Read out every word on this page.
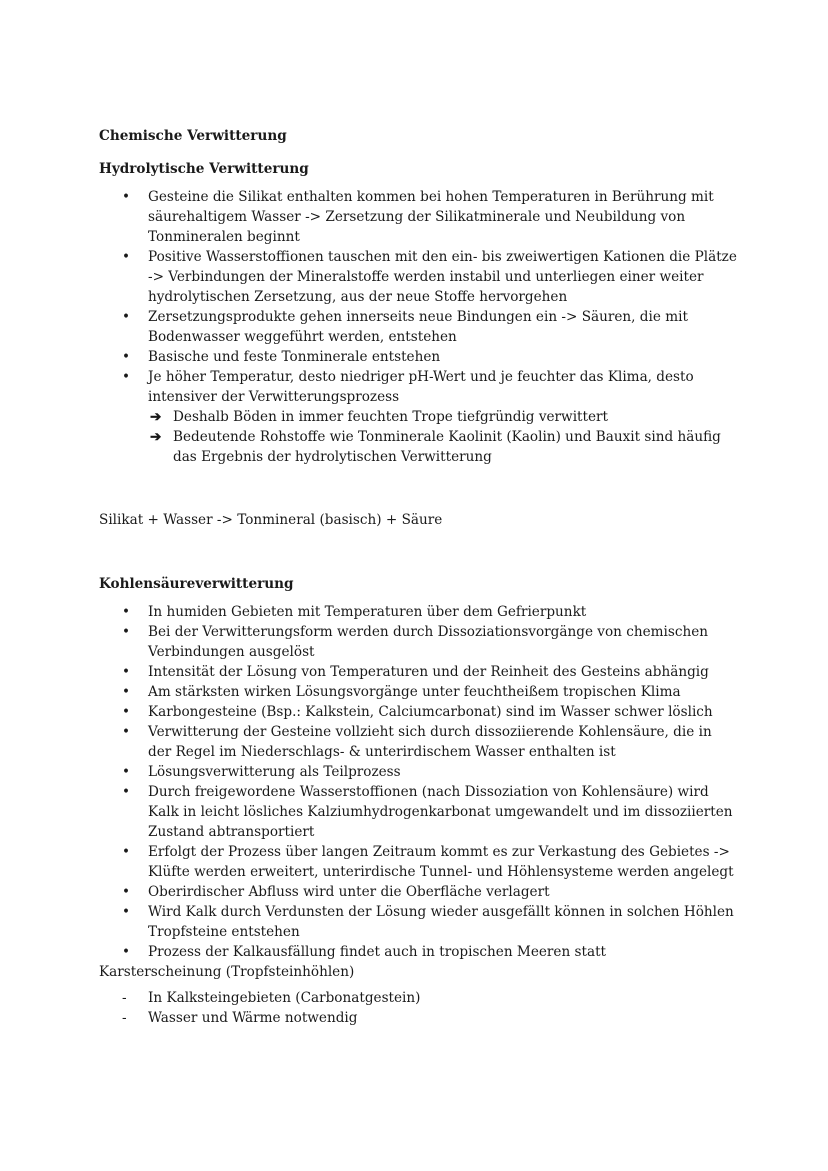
Chemische Verwitterung

Hydrolytische Verwitterung

• Gesteine die Silikat enthalten kommen bei hohen Temperaturen in Berührung mit säurehaltigem Wasser -> Zersetzung der Silikatminerale und Neubildung von Tonmineralen beginnt
• Positive Wasserstoffionen tauschen mit den ein- bis zweiwertigen Kationen die Plätze -> Verbindungen der Mineralstoffe werden instabil und unterliegen einer weiter hydrolytischen Zersetzung, aus der neue Stoffe hervorgehen
• Zersetzungsprodukte gehen innerseits neue Bindungen ein -> Säuren, die mit Bodenwasser weggeführt werden, entstehen
• Basische und feste Tonminerale entstehen
• Je höher Temperatur, desto niedriger pH-Wert und je feuchter das Klima, desto intensiver der Verwitterungsprozess
➔ Deshalb Böden in immer feuchten Trope tiefgründig verwittert
➔ Bedeutende Rohstoffe wie Tonminerale Kaolinit (Kaolin) und Bauxit sind häufig das Ergebnis der hydrolytischen Verwitterung

Silikat + Wasser -> Tonmineral (basisch) + Säure

Kohlensäureverwitterung

• In humiden Gebieten mit Temperaturen über dem Gefrierpunkt
• Bei der Verwitterungsform werden durch Dissoziationsvorgänge von chemischen Verbindungen ausgelöst
• Intensität der Lösung von Temperaturen und der Reinheit des Gesteins abhängig
• Am stärksten wirken Lösungsvorgänge unter feuchtheißem tropischen Klima
• Karbongesteine (Bsp.: Kalkstein, Calciumcarbonat) sind im Wasser schwer löslich
• Verwitterung der Gesteine vollzieht sich durch dissoziierende Kohlensäure, die in der Regel im Niederschlags- & unterirdischem Wasser enthalten ist
• Lösungsverwitterung als Teilprozess
• Durch freigewordene Wasserstoffionen (nach Dissoziation von Kohlensäure) wird Kalk in leicht lösliches Kalziumhydrogenkarbonat umgewandelt und im dissoziierten Zustand abtransportiert
• Erfolgt der Prozess über langen Zeitraum kommt es zur Verkastung des Gebietes -> Klüfte werden erweitert, unterirdische Tunnel- und Höhlensysteme werden angelegt
• Oberirdischer Abfluss wird unter die Oberfläche verlagert
• Wird Kalk durch Verdunsten der Lösung wieder ausgefällt können in solchen Höhlen Tropfsteine entstehen
• Prozess der Kalkausfällung findet auch in tropischen Meeren statt

Karsterscheinung (Tropfsteinhöhlen)

- In Kalksteingebieten (Carbonatgestein)
- Wasser und Wärme notwendig
